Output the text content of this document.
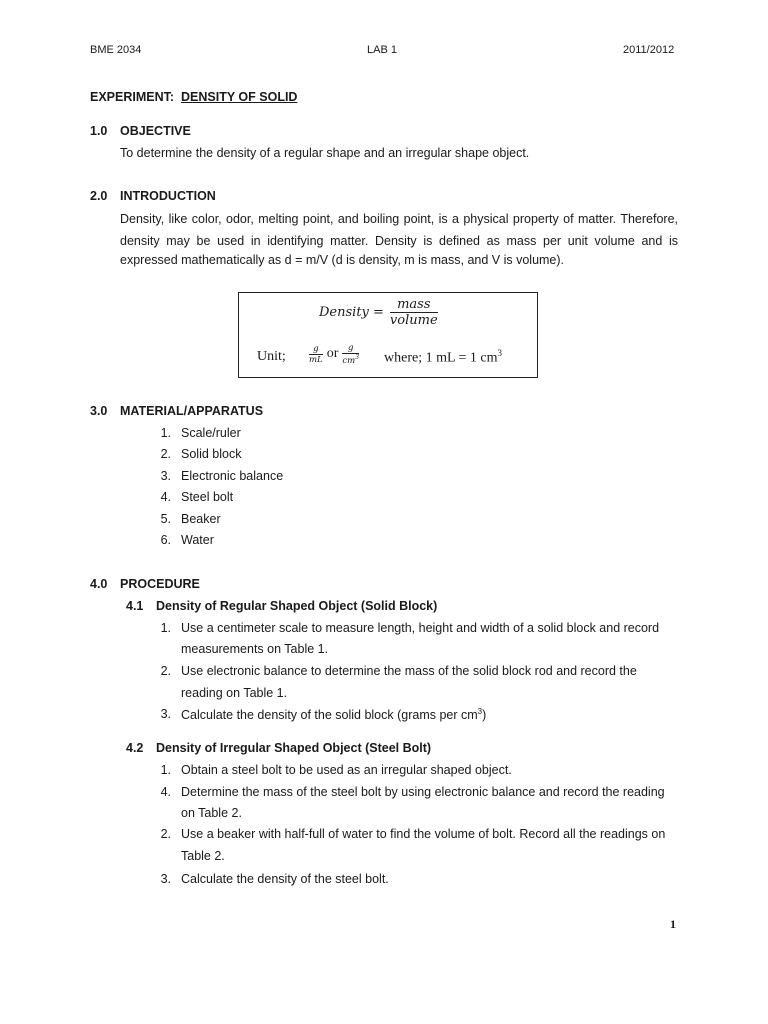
BME 2034	LAB 1	2011/2012
EXPERIMENT: DENSITY OF SOLID
1.0 OBJECTIVE
To determine the density of a regular shape and an irregular shape object.
2.0 INTRODUCTION
Density, like color, odor, melting point, and boiling point, is a physical property of matter. Therefore,
density may be used in identifying matter. Density is defined as mass per unit volume and is
expressed mathematically as d = m/V (d is density, m is mass, and V is volume).
Density = $\frac{\text{mass}}{\text{volume}}$
Unit;	$\frac{g}{mL}$ or $\frac{g}{cm^3}$ where; 1 mL = 1 $cm^3$
3.0 MATERIAL/APPARATUS
1. Scale/ruler
2. Solid block
3. Electronic balance
4. Steel bolt
5. Beaker
6. Water
4.0 PROCEDURE
4.1 Density of Regular Shaped Object (Solid Block)
1. Use a centimeter scale to measure length, height and width of a solid block and record
measurements on Table 1.
2. Use electronic balance to determine the mass of the solid block rod and record the
reading on Table 1.
3. Calculate the density of the solid block (grams per $cm^3$)
4.2 Density of Irregular Shaped Object (Steel Bolt)
1. Obtain a steel bolt to be used as an irregular shaped object.
4. Determine the mass of the steel bolt by using electronic balance and record the reading
on Table 2.
2. Use a beaker with half-full of water to find the volume of bolt. Record all the readings on
Table 2.
3. Calculate the density of the steel bolt.
1
